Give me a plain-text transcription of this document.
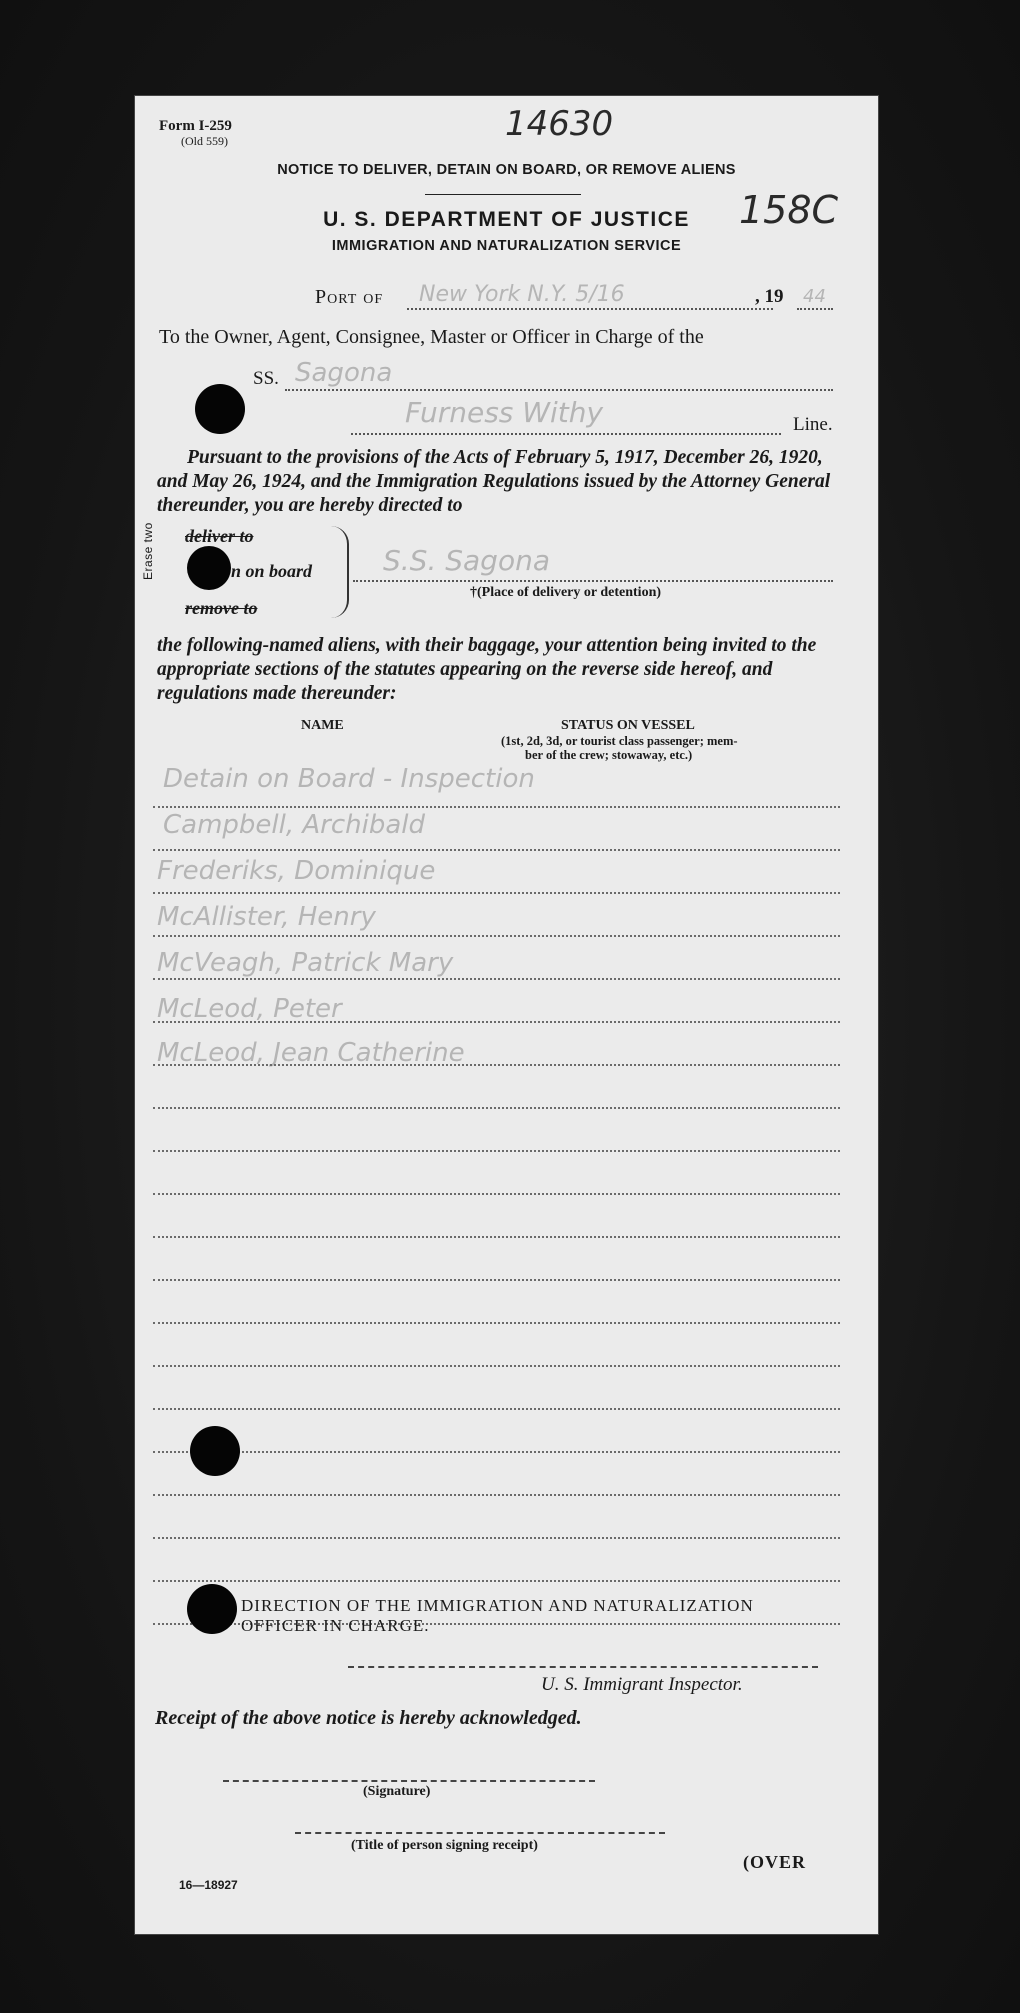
Form I-259
(Old 559)	14630
158C
NOTICE TO DELIVER, DETAIN ON BOARD, OR REMOVE ALIENS
U. S. DEPARTMENT OF JUSTICE
IMMIGRATION AND NATURALIZATION SERVICE
Port of New York N.Y. 5/16	, 19 44
To the Owner, Agent, Consignee, Master or Officer in Charge of the
SS. Sagona
Furness Withy	Line.
Pursuant to the provisions of the Acts of February 5, 1917, December 26, 1920, and May 26, 1924, and the Immigration Regulations issued by the Attorney General thereunder, you are hereby directed to
Erase two deliver to
n on board
remove to
S.S. Sagona
†(Place of delivery or detention)
the following-named aliens, with their baggage, your attention being invited to the appropriate sections of the statutes appearing on the reverse side hereof, and regulations made thereunder:
NAME	STATUS ON VESSEL
(1st, 2d, 3d, or tourist class passenger; mem-
ber of the crew; stowaway, etc.)
Detain on Board - Inspection
Campbell, Archibald
Frederiks, Dominique
McAllister, Henry
McVeagh, Patrick Mary
McLeod, Peter
McLeod, Jean Catherine
DIRECTION OF THE IMMIGRATION AND NATURALIZATION
OFFICER IN CHARGE.
U. S. Immigrant Inspector.
Receipt of the above notice is hereby acknowledged.
(Signature)
(Title of person signing receipt)
16—18927
(OVER
